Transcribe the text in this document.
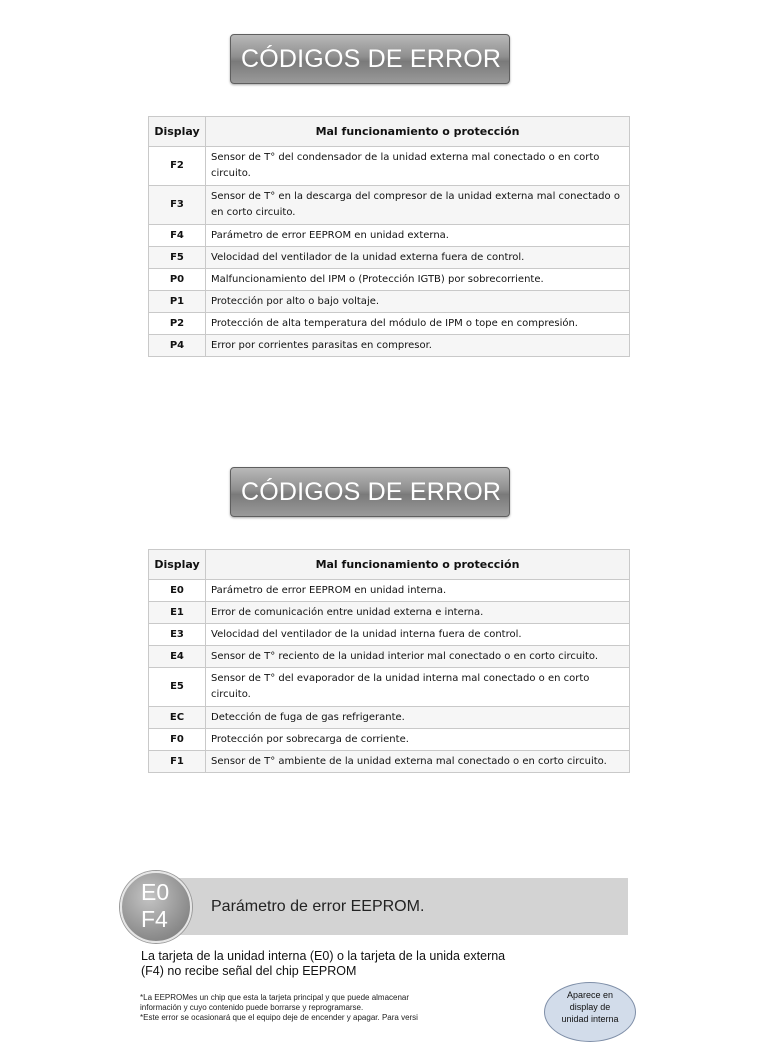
CÓDIGOS DE ERROR
Display	Mal funcionamiento o protección
F2	Sensor de T° del condensador de la unidad externa mal conectado o en corto circuito.
F3	Sensor de T° en la descarga del compresor de la unidad externa mal conectado o en corto circuito.
F4	Parámetro de error EEPROM en unidad externa.
F5	Velocidad del ventilador de la unidad externa fuera de control.
P0	Malfuncionamiento del IPM o (Protección IGTB) por sobrecorriente.
P1	Protección por alto o bajo voltaje.
P2	Protección de alta temperatura del módulo de IPM o tope en compresión.
P4	Error por corrientes parasitas en compresor.
CÓDIGOS DE ERROR
Display	Mal funcionamiento o protección
E0	Parámetro de error EEPROM en unidad interna.
E1	Error de comunicación entre unidad externa e interna.
E3	Velocidad del ventilador de la unidad interna fuera de control.
E4	Sensor de T° reciento de la unidad interior mal conectado o en corto circuito.
E5	Sensor de T° del evaporador de la unidad interna mal conectado o en corto circuito.
EC	Detección de fuga de gas refrigerante.
F0	Protección por sobrecarga de corriente.
F1	Sensor de T° ambiente de la unidad externa mal conectado o en corto circuito.
E0
F4	Parámetro de error EEPROM.

La tarjeta de la unidad interna (E0) o la tarjeta de la unida externa (F4) no recibe señal del chip EEPROM

*La EEPROMes un chip que esta la tarjeta principal y que puede almacenar
información y cuyo contenido puede borrarse y reprogramarse.
*Este error se ocasionará que el equipo deje de encender y apagar. Para versi

Aparece en
display de
unidad interna
